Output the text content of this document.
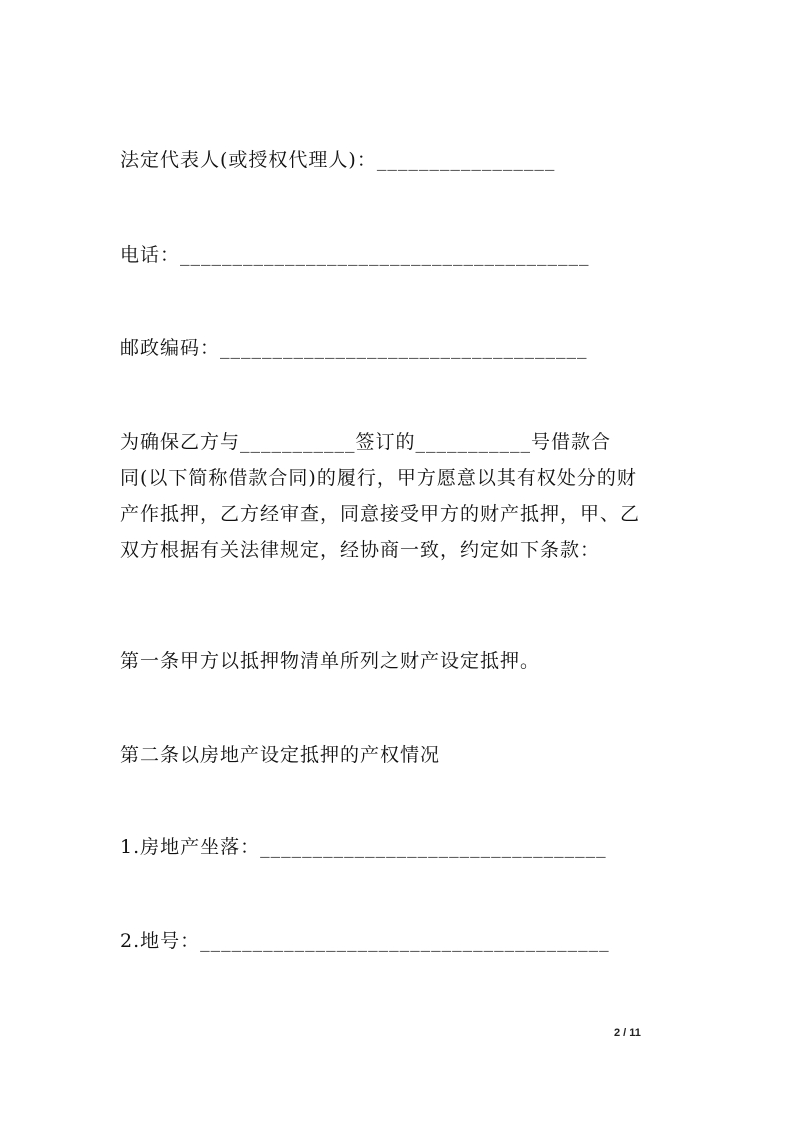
法定代表人(或授权代理人)：_________________
电话：_______________________________________
邮政编码：___________________________________
为确保乙方与___________签订的___________号借款合
同(以下简称借款合同)的履行，甲方愿意以其有权处分的财
产作抵押，乙方经审查，同意接受甲方的财产抵押，甲、乙
双方根据有关法律规定，经协商一致，约定如下条款：
第一条甲方以抵押物清单所列之财产设定抵押。
第二条以房地产设定抵押的产权情况
1.房地产坐落：_________________________________
2.地号：_______________________________________
2 / 11
